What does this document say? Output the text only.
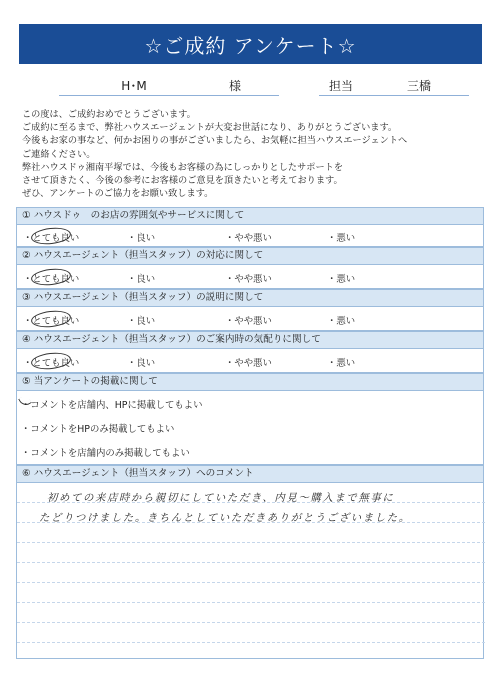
☆ご成約 アンケート☆
H･M	様	担当	三橋

この度は、ご成約おめでとうございます。

ご成約に至るまで、弊社ハウスエージェントが大変お世話になり、ありがとうございます。

今後もお家の事など、何かお困りの事がございましたら、お気軽に担当ハウスエージェントへ

ご連絡ください。

弊社ハウスドゥ湘南平塚では、今後もお客様の為にしっかりとしたサポートを

させて頂きたく、今後の参考にお客様のご意見を頂きたいと考えております。

ぜひ、アンケートのご協力をお願い致します。

① ハウスドゥ　のお店の雰囲気やサービスに関して
・とても良い	・良い	・やや悪い	・悪い
② ハウスエージェント（担当スタッフ）の対応に関して
・とても良い	・良い	・やや悪い	・悪い
③ ハウスエージェント（担当スタッフ）の説明に関して
・とても良い	・良い	・やや悪い	・悪い
④ ハウスエージェント（担当スタッフ）のご案内時の気配りに関して
・とても良い	・良い	・やや悪い	・悪い
⑤ 当アンケートの掲載に関して
・コメントを店舗内、HPに掲載してもよい
・コメントをHPのみ掲載してもよい
・コメントを店舗内のみ掲載してもよい
⑥ ハウスエージェント（担当スタッフ）へのコメント
初めての来店時から親切にしていただき、内見～購入まで無事に
たどりつけました。きちんとしていただきありがとうございました。
